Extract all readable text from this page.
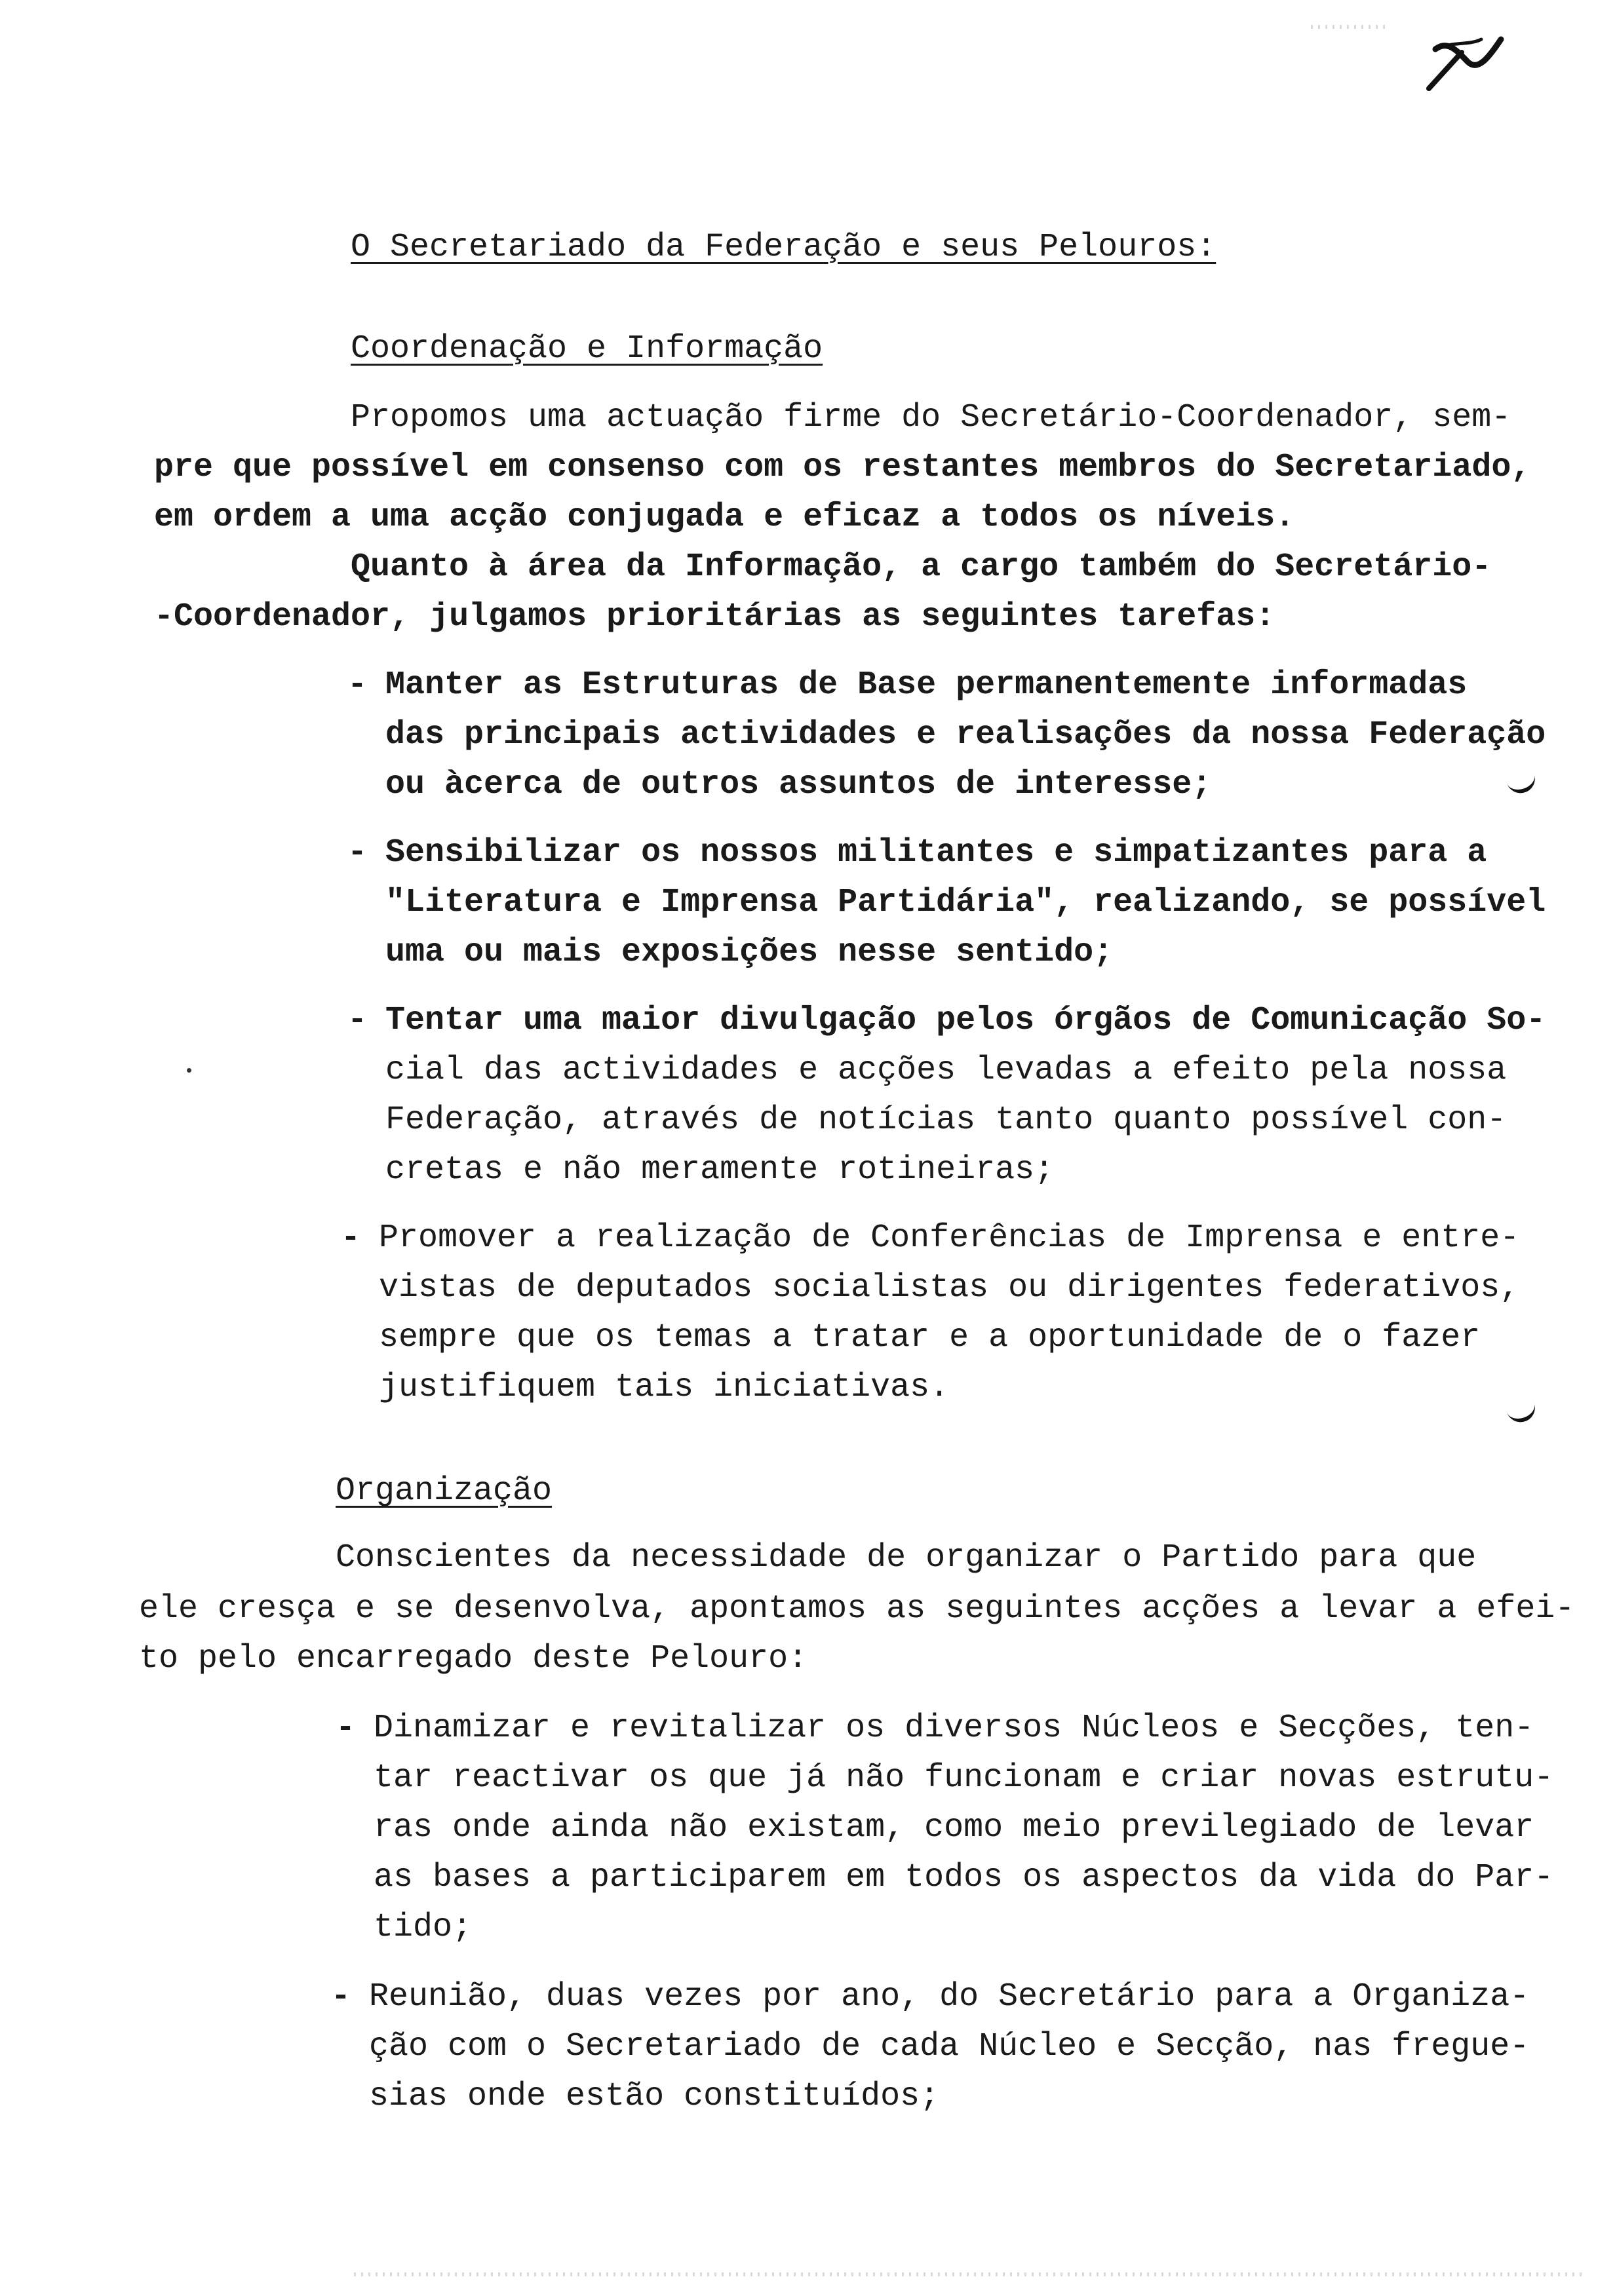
O Secretariado da Federação e seus Pelouros:
Coordenação e Informação
Propomos uma actuação firme do Secretário-Coordenador, sem-
pre que possível em consenso com os restantes membros do Secretariado,
em ordem a uma acção conjugada e eficaz a todos os níveis.
Quanto à área da Informação, a cargo também do Secretário-
-Coordenador, julgamos prioritárias as seguintes tarefas:
- Manter as Estruturas de Base permanentemente informadas
das principais actividades e realisações da nossa Federação
ou àcerca de outros assuntos de interesse;
- Sensibilizar os nossos militantes e simpatizantes para a
"Literatura e Imprensa Partidária", realizando, se possível
uma ou mais exposições nesse sentido;
- Tentar uma maior divulgação pelos órgãos de Comunicação So-
cial das actividades e acções levadas a efeito pela nossa
Federação, através de notícias tanto quanto possível con-
cretas e não meramente rotineiras;
- Promover a realização de Conferências de Imprensa e entre-
vistas de deputados socialistas ou dirigentes federativos,
sempre que os temas a tratar e a oportunidade de o fazer
justifiquem tais iniciativas.
Organização
Conscientes da necessidade de organizar o Partido para que
ele cresça e se desenvolva, apontamos as seguintes acções a levar a efei-
to pelo encarregado deste Pelouro:
- Dinamizar e revitalizar os diversos Núcleos e Secções, ten-
tar reactivar os que já não funcionam e criar novas estrutu-
ras onde ainda não existam, como meio previlegiado de levar
as bases a participarem em todos os aspectos da vida do Par-
tido;
- Reunião, duas vezes por ano, do Secretário para a Organiza-
ção com o Secretariado de cada Núcleo e Secção, nas fregue-
sias onde estão constituídos;
